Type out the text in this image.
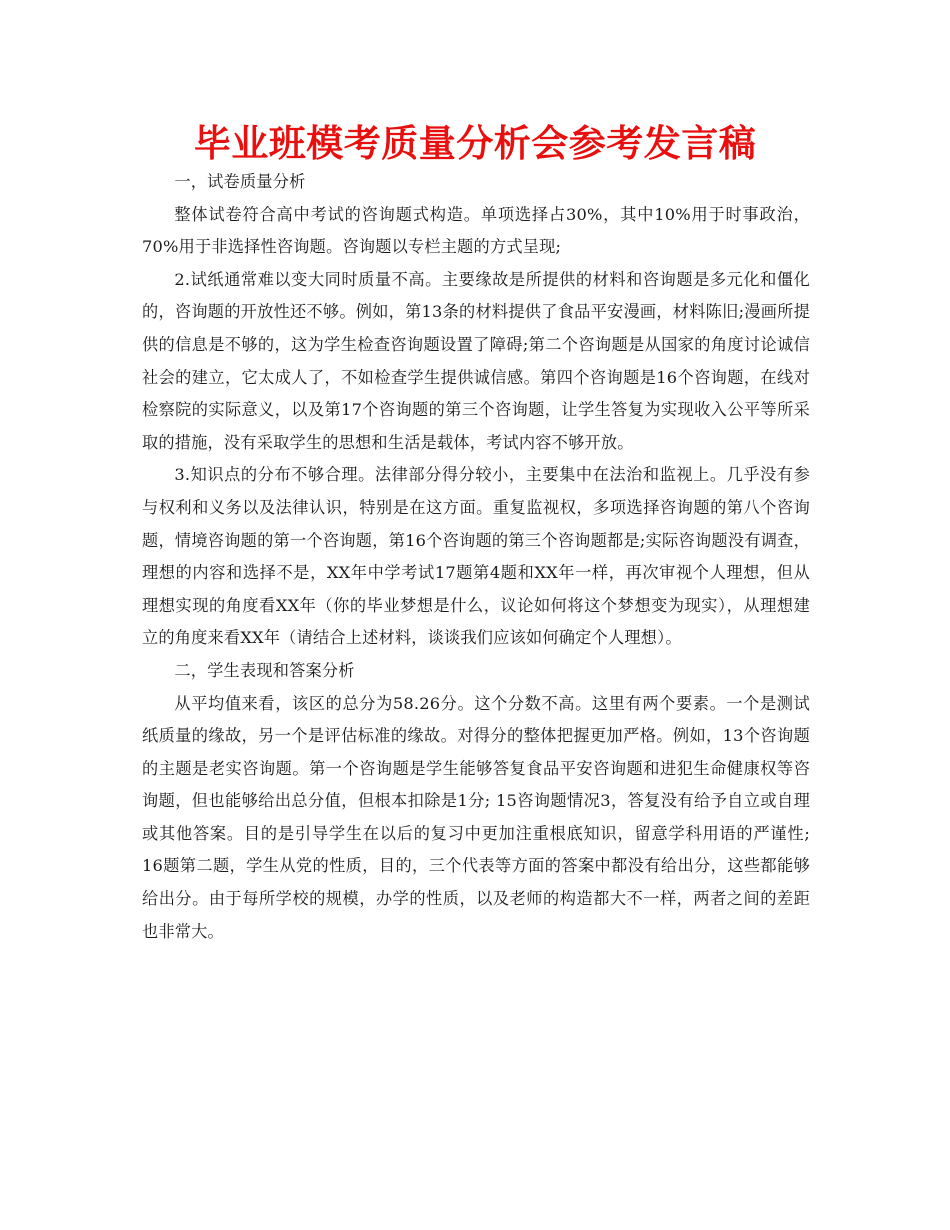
毕业班模考质量分析会参考发言稿

一，试卷质量分析

整体试卷符合高中考试的咨询题式构造。单项选择占30%，其中10%用于时事政治，70%用于非选择性咨询题。咨询题以专栏主题的方式呈现;

2.试纸通常难以变大同时质量不高。主要缘故是所提供的材料和咨询题是多元化和僵化的，咨询题的开放性还不够。例如，第13条的材料提供了食品平安漫画，材料陈旧;漫画所提供的信息是不够的，这为学生检查咨询题设置了障碍;第二个咨询题是从国家的角度讨论诚信社会的建立，它太成人了，不如检查学生提供诚信感。第四个咨询题是16个咨询题，在线对检察院的实际意义，以及第17个咨询题的第三个咨询题，让学生答复为实现收入公平等所采取的措施，没有采取学生的思想和生活是载体，考试内容不够开放。

3.知识点的分布不够合理。法律部分得分较小，主要集中在法治和监视上。几乎没有参与权利和义务以及法律认识，特别是在这方面。重复监视权，多项选择咨询题的第八个咨询题，情境咨询题的第一个咨询题，第16个咨询题的第三个咨询题都是;实际咨询题没有调查，理想的内容和选择不是，XX年中学考试17题第4题和XX年一样，再次审视个人理想，但从理想实现的角度看XX年（你的毕业梦想是什么，议论如何将这个梦想变为现实），从理想建立的角度来看XX年（请结合上述材料，谈谈我们应该如何确定个人理想）。

二，学生表现和答案分析

从平均值来看，该区的总分为58.26分。这个分数不高。这里有两个要素。一个是测试纸质量的缘故，另一个是评估标准的缘故。对得分的整体把握更加严格。例如，13个咨询题的主题是老实咨询题。第一个咨询题是学生能够答复食品平安咨询题和进犯生命健康权等咨询题，但也能够给出总分值，但根本扣除是1分; 15咨询题情况3，答复没有给予自立或自理或其他答案。目的是引导学生在以后的复习中更加注重根底知识，留意学科用语的严谨性; 16题第二题，学生从党的性质，目的，三个代表等方面的答案中都没有给出分，这些都能够给出分。由于每所学校的规模，办学的性质，以及老师的构造都大不一样，两者之间的差距也非常大。
